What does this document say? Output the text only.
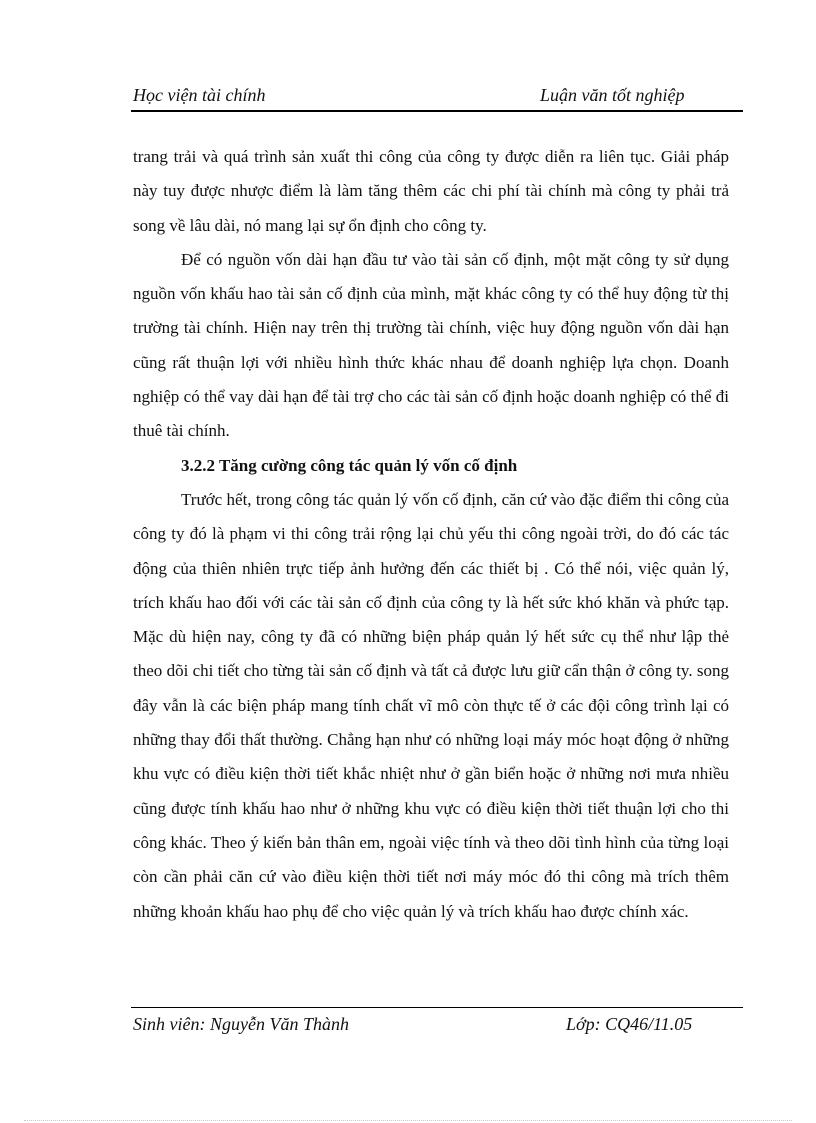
Học viện tài chính	Luận văn tốt nghiệp

trang trải và quá trình sản xuất thi công của công ty được diễn ra liên tục. Giải pháp này tuy được nhược điểm là làm tăng thêm các chi phí tài chính mà công ty phải trả song về lâu dài, nó mang lại sự ổn định cho công ty.

Để có nguồn vốn dài hạn đầu tư vào tài sản cố định, một mặt công ty sử dụng nguồn vốn khấu hao tài sản cố định của mình, mặt khác công ty có thể huy động từ thị trường tài chính. Hiện nay trên thị trường tài chính, việc huy động nguồn vốn dài hạn cũng rất thuận lợi với nhiều hình thức khác nhau để doanh nghiệp lựa chọn. Doanh nghiệp có thể vay dài hạn để tài trợ cho các tài sản cố định hoặc doanh nghiệp có thể đi thuê tài chính.

3.2.2 Tăng cường công tác quản lý vốn cố định

Trước hết, trong công tác quản lý vốn cố định, căn cứ vào đặc điểm thi công của công ty đó là phạm vi thi công trải rộng lại chủ yếu thi công ngoài trời, do đó các tác động của thiên nhiên trực tiếp ảnh hưởng đến các thiết bị . Có thể nói, việc quản lý, trích khấu hao đối với các tài sản cố định của công ty là hết sức khó khăn và phức tạp. Mặc dù hiện nay, công ty đã có những biện pháp quản lý hết sức cụ thể như lập thẻ theo dõi chi tiết cho từng tài sản cố định và tất cả được lưu giữ cẩn thận ở công ty. song đây vẫn là các biện pháp mang tính chất vĩ mô còn thực tế ở các đội công trình lại có những thay đổi thất thường. Chẳng hạn như có những loại máy móc hoạt động ở những khu vực có điều kiện thời tiết khắc nhiệt như ở gần biển hoặc ở những nơi mưa nhiều cũng được tính khấu hao như ở những khu vực có điều kiện thời tiết thuận lợi cho thi công khác. Theo ý kiến bản thân em, ngoài việc tính và theo dõi tình hình của từng loại còn cần phải căn cứ vào điều kiện thời tiết nơi máy móc đó thi công mà trích thêm những khoản khấu hao phụ để cho việc quản lý và trích khấu hao được chính xác.

Sinh viên: Nguyễn Văn Thành	Lớp: CQ46/11.05
